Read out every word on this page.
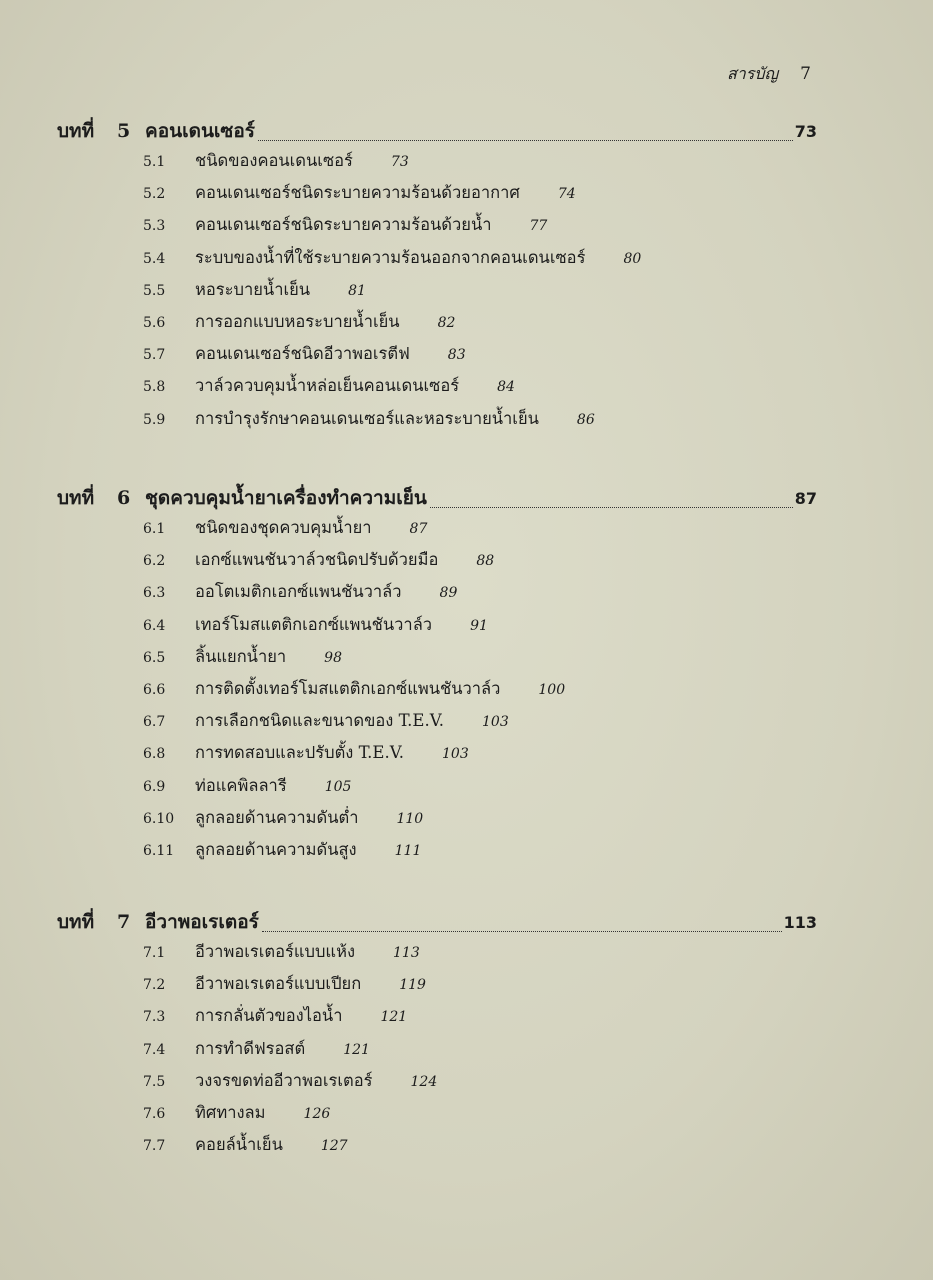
สารบัญ 7
บทที่	5 คอนเดนเซอร์	73
5.1	ชนิดของคอนเดนเซอร์	73
5.2	คอนเดนเซอร์ชนิดระบายความร้อนด้วยอากาศ	74
5.3	คอนเดนเซอร์ชนิดระบายความร้อนด้วยน้ำ	77
5.4	ระบบของน้ำที่ใช้ระบายความร้อนออกจากคอนเดนเซอร์	80
5.5	หอระบายน้ำเย็น	81
5.6	การออกแบบหอระบายน้ำเย็น	82
5.7	คอนเดนเซอร์ชนิดอีวาพอเรตีฟ	83
5.8	วาล์วควบคุมน้ำหล่อเย็นคอนเดนเซอร์	84
5.9	การบำรุงรักษาคอนเดนเซอร์และหอระบายน้ำเย็น	86
บทที่	6 ชุดควบคุมน้ำยาเครื่องทำความเย็น	87
6.1	ชนิดของชุดควบคุมน้ำยา	87
6.2	เอกซ์แพนชันวาล์วชนิดปรับด้วยมือ	88
6.3	ออโตเมติกเอกซ์แพนชันวาล์ว	89
6.4	เทอร์โมสแตติกเอกซ์แพนชันวาล์ว	91
6.5	ลิ้นแยกน้ำยา	98
6.6	การติดตั้งเทอร์โมสแตติกเอกซ์แพนชันวาล์ว	100
6.7	การเลือกชนิดและขนาดของ T.E.V.	103
6.8	การทดสอบและปรับตั้ง T.E.V.	103
6.9	ท่อแคพิลลารี	105
6.10	ลูกลอยด้านความดันต่ำ	110
6.11	ลูกลอยด้านความดันสูง	111
บทที่	7 อีวาพอเรเตอร์	113
7.1	อีวาพอเรเตอร์แบบแห้ง	113
7.2	อีวาพอเรเตอร์แบบเปียก	119
7.3	การกลั่นตัวของไอน้ำ	121
7.4	การทำดีฟรอสต์	121
7.5	วงจรขดท่ออีวาพอเรเตอร์	124
7.6	ทิศทางลม	126
7.7	คอยล์น้ำเย็น	127
